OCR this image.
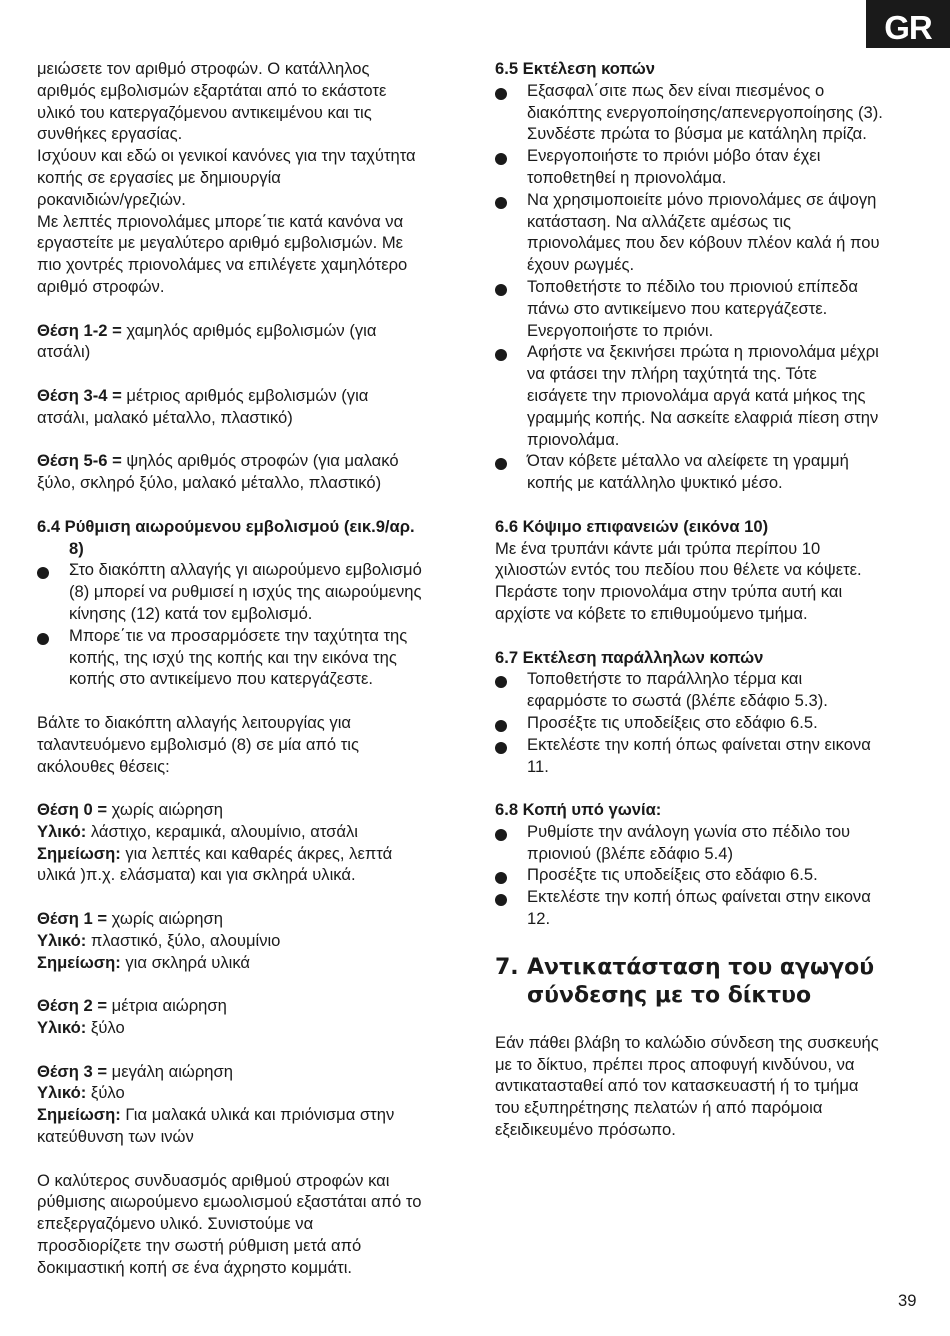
GR

μειώσετε τον αριθμό στροφών. Ο κατάλληλος

αριθμός εμβολισμών εξαρτάται από το εκάστοτε

υλικό του κατεργαζόμενου αντικειμένου και τις

συνθήκες εργασίας.

Ισχύουν και εδώ οι γενικοί κανόνες για την ταχύτητα

κοπής σε εργασίες με δημιουργία

ροκανιδιών/γρεζιών.

Με λεπτές πριονολάμες μπορε΄τιε κατά κανόνα να

εργαστείτε με μεγαλύτερο αριθμό εμβολισμών. Με

πιο χοντρές πριονολάμες να επιλέγετε χαμηλότερο

αριθμό στροφών.

Θέση 1-2 = χαμηλός αριθμός εμβολισμών (για

ατσάλι)

Θέση 3-4 = μέτριος αριθμός εμβολισμών (για

ατσάλι, μαλακό μέταλλο, πλαστικό)

Θέση 5-6 = ψηλός αριθμός στροφών (για μαλακό

ξύλο, σκληρό ξύλο, μαλακό μέταλλο, πλαστικό)

6.4 Ρύθμιση αιωρούμενου εμβολισμού (εικ.9/αρ.

8)

Στο διακόπτη αλλαγής γι αιωρούμενο εμβολισμό

(8) μπορεί να ρυθμισεί η ισχύς της αιωρούμενης

κίνησης (12) κατά τον εμβολισμό.

Μπορε΄τιε να προσαρμόσετε την ταχύτητα της

κοπής, της ισχύ της κοπής και την εικόνα της

κοπής στο αντικείμενο που κατεργάζεστε.

Βάλτε το διακόπτη αλλαγής λειτουργίας για

ταλαντευόμενο εμβολισμό (8) σε μία από τις

ακόλουθες θέσεις:

Θέση 0 = χωρίς αιώρηση

Υλικό: λάστιχο, κεραμικά, αλουμίνιο, ατσάλι

Σημείωση: για λεπτές και καθαρές άκρες, λεπτά

υλικά )π.χ. ελάσματα) και για σκληρά υλικά.

Θέση 1 = χωρίς αιώρηση

Υλικό: πλαστικό, ξύλο, αλουμίνιο

Σημείωση: για σκληρά υλικά

Θέση 2 = μέτρια αιώρηση

Υλικό: ξύλο

Θέση 3 = μεγάλη αιώρηση

Υλικό: ξύλο

Σημείωση: Για μαλακά υλικά και πριόνισμα στην

κατεύθυνση των ινών

Ο καλύτερος συνδυασμός αριθμού στροφών και

ρύθμισης αιωρούμενο εμωολισμού εξαστάται από το

επεξεργαζόμενο υλικό. Συνιστούμε να

προσδιορίζετε την σωστή ρύθμιση μετά από

δοκιμαστική κοπή σε ένα άχρηστο κομμάτι.

6.5 Εκτέλεση κοπών

Εξασφαλ΄σιτε πως δεν είναι πιεσμένος ο

διακόπτης ενεργοποίησης/απενεργοποίησης (3).

Συνδέστε πρώτα το βύσμα με κατάληλη πρίζα.

Ενεργοποιήστε το πριόνι μόβο όταν έχει

τοποθετηθεί η πριονολάμα.

Να χρησιμοποιείτε μόνο πριονολάμες σε άψογη

κατάσταση. Να αλλάζετε αμέσως τις

πριονολάμες που δεν κόβουν πλέον καλά ή που

έχουν ρωγμές.

Τοποθετήστε το πέδιλο του πριονιού επίπεδα

πάνω στο αντικείμενο που κατεργάζεστε.

Ενεργοποιήστε το πριόνι.

Αφήστε να ξεκινήσει πρώτα η πριονολάμα μέχρι

να φτάσει την πλήρη ταχύτητά της. Τότε

εισάγετε την πριονολάμα αργά κατά μήκος της

γραμμής κοπής. Να ασκείτε ελαφριά πίεση στην

πριονολάμα.

Όταν κόβετε μέταλλο να αλείφετε τη γραμμή

κοπής με κατάλληλο ψυκτικό μέσο.

6.6 Κόψιμο επιφανειών (εικόνα 10)

Με ένα τρυπάνι κάντε μάι τρύπα περίπου 10

χιλιοστών εντός του πεδίου που θέλετε να κόψετε.

Περάστε τοην πριονολάμα στην τρύπα αυτή και

αρχίστε να κόβετε το επιθυμούμενο τμήμα.

6.7 Εκτέλεση παράλληλων κοπών

Τοποθετήστε το παράλληλο τέρμα και

εφαρμόστε το σωστά (βλέπε εδάφιο 5.3).

Προσέξτε τις υποδείξεις στο εδάφιο 6.5.

Εκτελέστε την κοπή όπως φαίνεται στην εικονα

11.

6.8 Κοπή υπό γωνία:

Ρυθμίστε την ανάλογη γωνία στο πέδιλο του

πριονιού (βλέπε εδάφιο 5.4)

Προσέξτε τις υποδείξεις στο εδάφιο 6.5.

Εκτελέστε την κοπή όπως φαίνεται στην εικονα

12.

7. Αντικατάσταση του αγωγού
σύνδεσης με το δίκτυο

Εάν πάθει βλάβη το καλώδιο σύνδεση της συσκευής

με το δίκτυο, πρέπει προς αποφυγή κινδύνου, να

αντικατασταθεί από τον κατασκευαστή ή το τμήμα

του εξυπηρέτησης πελατών ή από παρόμοια

εξειδικευμένο πρόσωπο.

39
